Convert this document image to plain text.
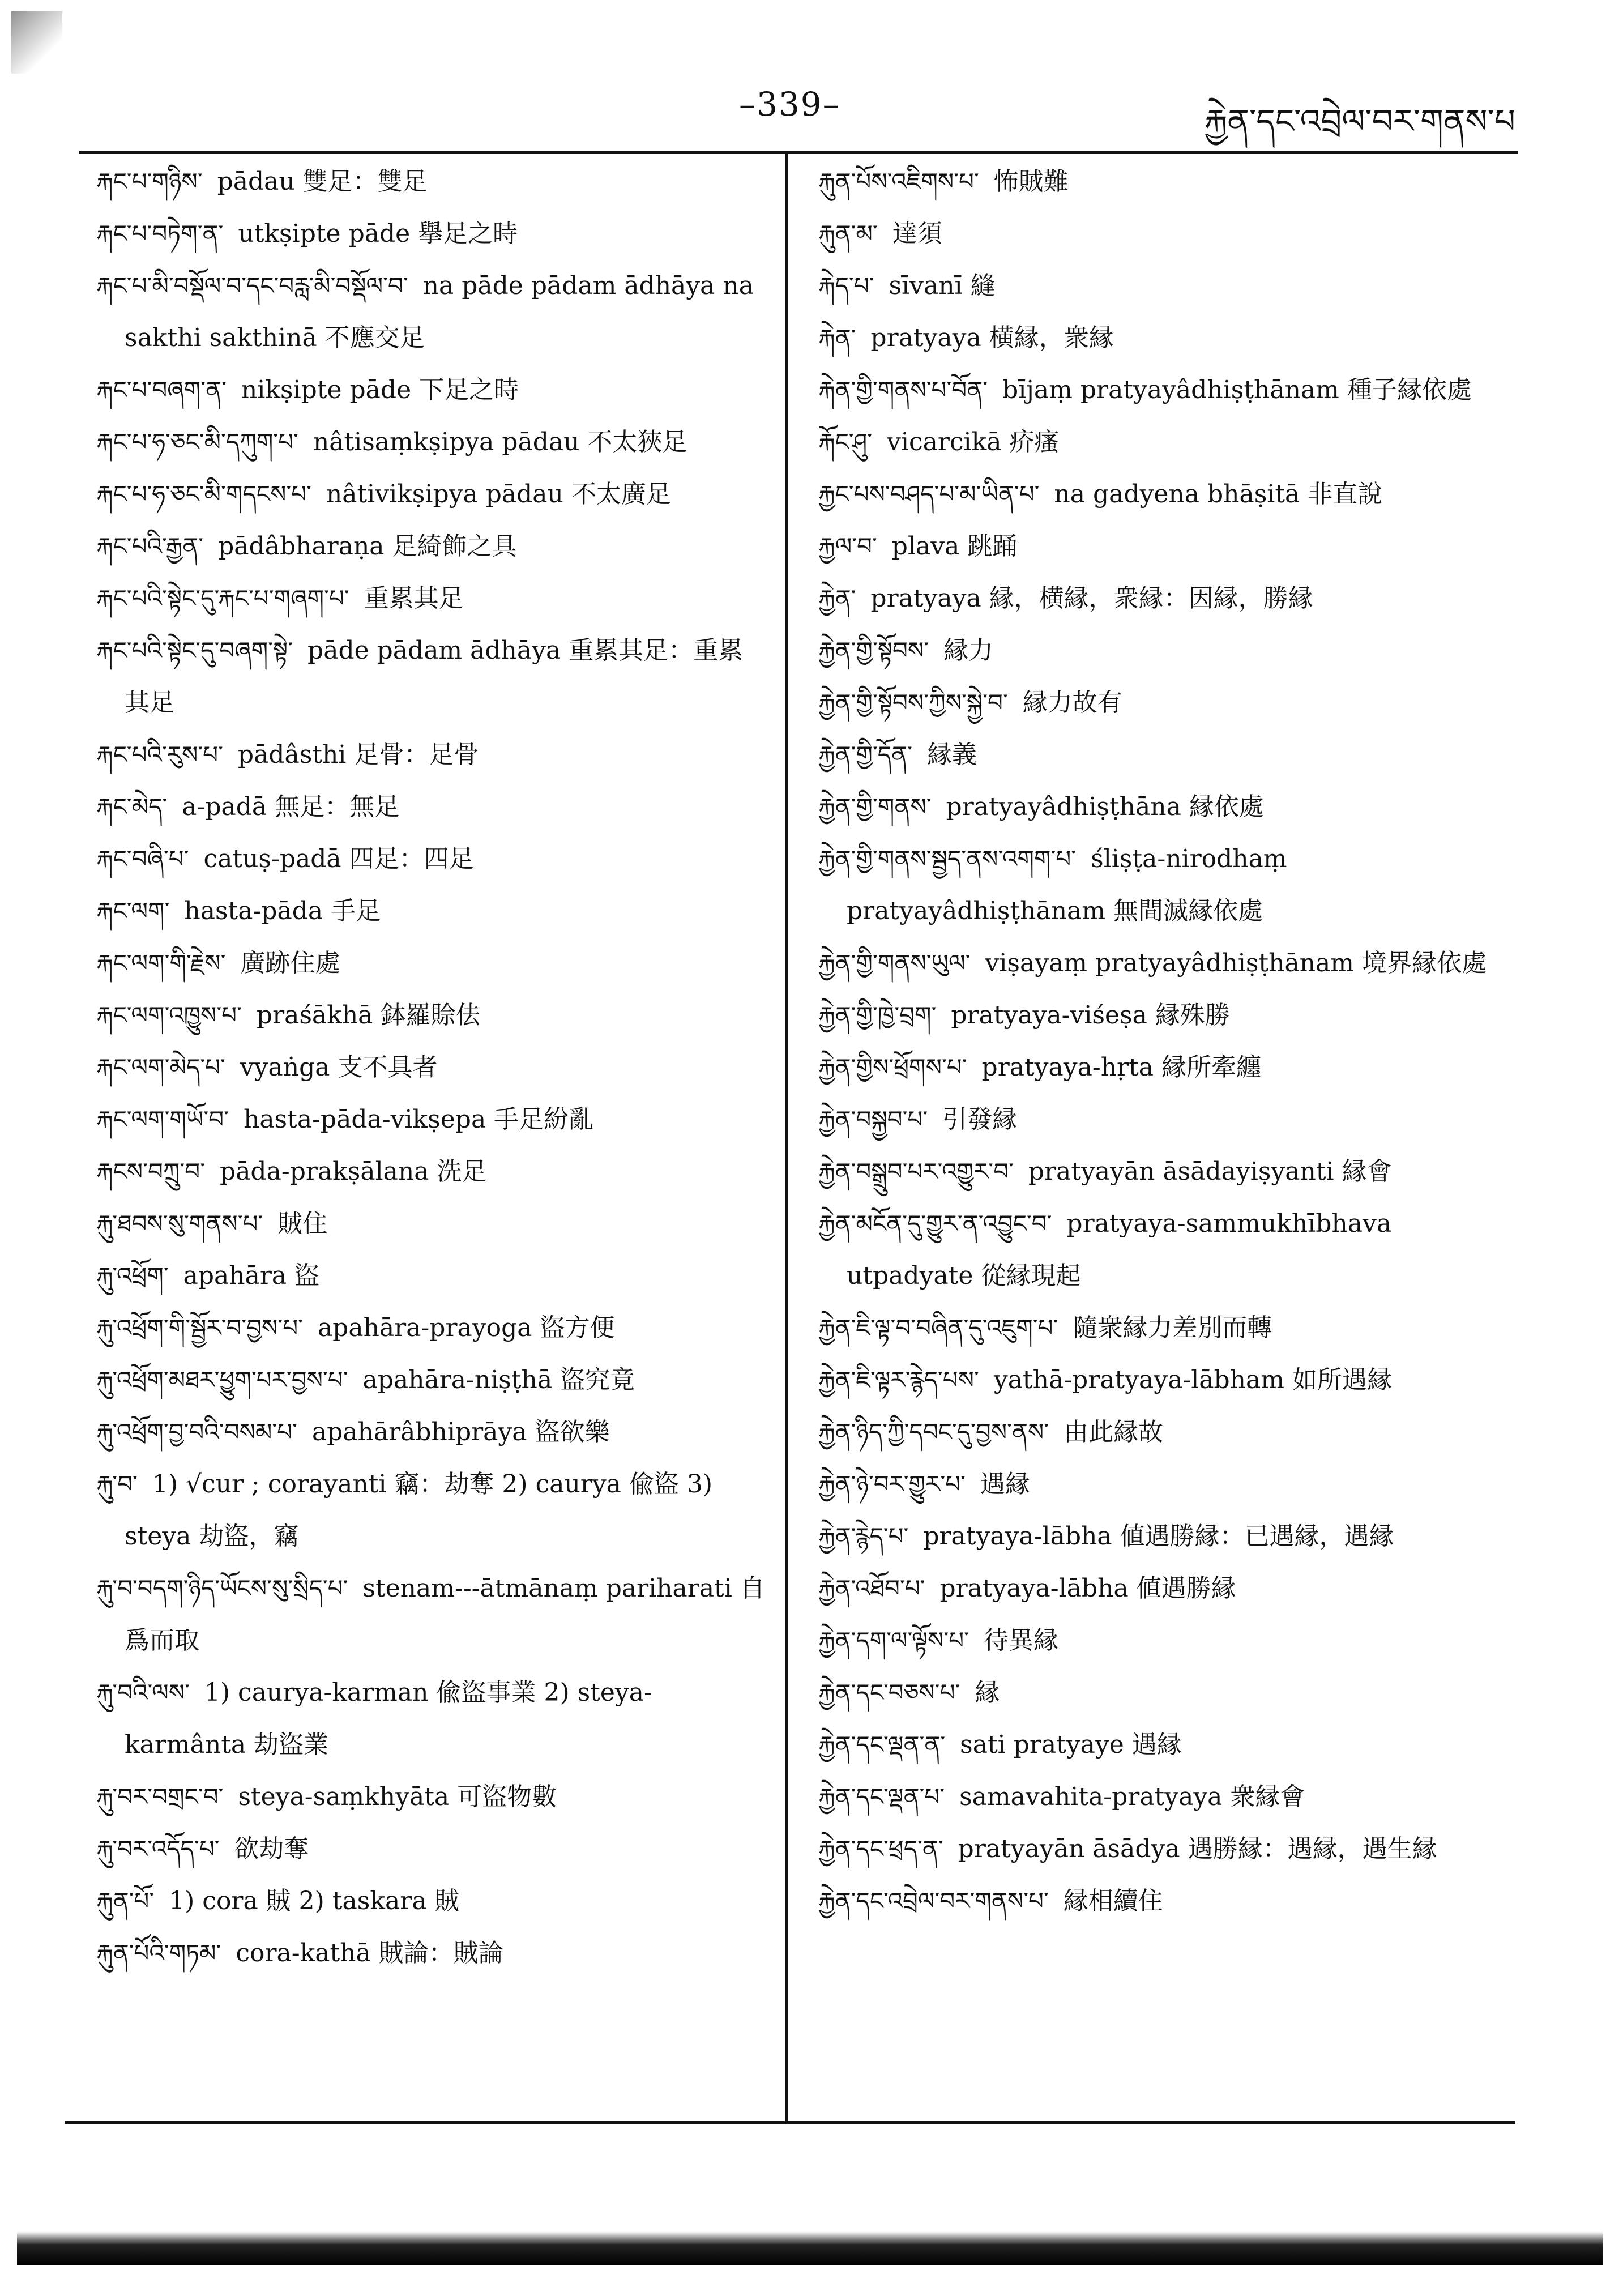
–339–	རྐྱེན་དང་འབྲེལ་བར་གནས་པ

རྐང་པ་གཉིས་ pādau 雙足：雙足

རྐང་པ་བཏེག་ན་ utkṣipte pāde 擧足之時

རྐང་པ་མི་བསྡོལ་བ་དང་བརླ་མི་བསྡོལ་བ་ na pāde pādam ādhāya na sakthi sakthinā 不應交足

རྐང་པ་བཞག་ན་ nikṣipte pāde 下足之時

རྐང་པ་ཧ་ཅང་མི་དཀུག་པ་ nâtisaṃkṣipya pādau 不太狹足

རྐང་པ་ཧ་ཅང་མི་གདངས་པ་ nâtivikṣipya pādau 不太廣足

རྐང་པའི་རྒྱན་ pādâbharaṇa 足綺飾之具

རྐང་པའི་སྟེང་དུ་རྐང་པ་གཞག་པ་ 重累其足

རྐང་པའི་སྟེང་དུ་བཞག་སྟེ་ pāde pādam ādhāya 重累其足：重累其足

རྐང་པའི་རུས་པ་ pādâsthi 足骨：足骨

རྐང་མེད་ a-padā 無足：無足

རྐང་བཞི་པ་ catuṣ-padā 四足：四足

རྐང་ལག་ hasta-pāda 手足

རྐང་ལག་གི་རྗེས་ 廣跡住處

རྐང་ལག་འཁྱུས་པ་ praśākhā 鉢羅賒佉

རྐང་ལག་མེད་པ་ vyaṅga 支不具者

རྐང་ལག་གཡོ་བ་ hasta-pāda-vikṣepa 手足紛亂

རྐངས་བཀྲུ་བ་ pāda-prakṣālana 洗足

རྐུ་ཐབས་སུ་གནས་པ་ 賊住

རྐུ་འཕྲོག་ apahāra 盜

རྐུ་འཕྲོག་གི་སྦྱོར་བ་བྱས་པ་ apahāra-prayoga 盜方便

རྐུ་འཕྲོག་མཐར་ཕྱུག་པར་བྱས་པ་ apahāra-niṣṭhā 盜究竟

རྐུ་འཕྲོག་བྱ་བའི་བསམ་པ་ apahārâbhiprāya 盜欲樂

རྐུ་བ་ 1) √cur ; corayanti 竊：劫奪 2) caurya 偸盜 3) steya 劫盜，竊

རྐུ་བ་བདག་ཉིད་ཡོངས་སུ་སྲིད་པ་ stenam---ātmānaṃ pariharati 自爲而取

རྐུ་བའི་ལས་ 1) caurya-karman 偸盜事業 2) steya-karmânta 劫盜業

རྐུ་བར་བགྲང་བ་ steya-saṃkhyāta 可盜物數

རྐུ་བར་འདོད་པ་ 欲劫奪

རྐུན་པོ་ 1) cora 賊 2) taskara 賊

རྐུན་པོའི་གཏམ་ cora-kathā 賊論：賊論

རྐུན་པོས་འཇིགས་པ་ 怖賊難

རྐུན་མ་ 達須

རྐེད་པ་ sīvanī 縫

རྐེན་ pratyaya 横縁，衆縁

རྐེན་གྱི་གནས་པ་བོན་ bījaṃ pratyayâdhiṣṭhānam 種子縁依處

རྐོང་ཤུ་ vicarcikā 疥瘙

རྐྱང་པས་བཤད་པ་མ་ཡིན་པ་ na gadyena bhāṣitā 非直說

རྐྱལ་བ་ plava 跳踊

རྐྱེན་ pratyaya 縁，横縁，衆縁：因縁，勝縁

རྐྱེན་གྱི་སྟོབས་ 縁力

རྐྱེན་གྱི་སྟོབས་ཀྱིས་སྐྱེ་བ་ 縁力故有

རྐྱེན་གྱི་དོན་ 縁義

རྐྱེན་གྱི་གནས་ pratyayâdhiṣṭhāna 縁依處

རྐྱེན་གྱི་གནས་སྦྱད་ནས་འགག་པ་ śliṣṭa-nirodhaṃ pratyayâdhiṣṭhānam 無間滅縁依處

རྐྱེན་གྱི་གནས་ཡུལ་ viṣayaṃ pratyayâdhiṣṭhānam 境界縁依處

རྐྱེན་གྱི་ཁྱེ་བྲག་ pratyaya-viśeṣa 縁殊勝

རྐྱེན་གྱིས་ཕྲོགས་པ་ pratyaya-hṛta 縁所牽纏

རྐྱེན་བསྐྱབ་པ་ 引發縁

རྐྱེན་བསྒྲུབ་པར་འགྱུར་བ་ pratyayān āsādayiṣyanti 縁會

རྐྱེན་མངོན་དུ་གྱུར་ན་འབྱུང་བ་ pratyaya-sammukhībhava utpadyate 從縁現起

རྐྱེན་ཇི་ལྟ་བ་བཞིན་དུ་འཇུག་པ་ 隨衆縁力差別而轉

རྐྱེན་ཇི་ལྟར་རྙེད་པས་ yathā-pratyaya-lābham 如所遇縁

རྐྱེན་ཉིད་ཀྱི་དབང་དུ་བྱས་ནས་ 由此縁故

རྐྱེན་ཉེ་བར་གྱུར་པ་ 遇縁

རྐྱེན་རྙེད་པ་ pratyaya-lābha 値遇勝縁：已遇縁，遇縁

རྐྱེན་འཐོབ་པ་ pratyaya-lābha 値遇勝縁

རྐྱེན་དག་ལ་ལྟོས་པ་ 待異縁

རྐྱེན་དང་བཅས་པ་ 縁

རྐྱེན་དང་ལྡན་ན་ sati pratyaye 遇縁

རྐྱེན་དང་ལྡན་པ་ samavahita-pratyaya 衆縁會

རྐྱེན་དང་ཕྲད་ན་ pratyayān āsādya 遇勝縁：遇縁，遇生縁

རྐྱེན་དང་འབྲེལ་བར་གནས་པ་ 縁相續住
